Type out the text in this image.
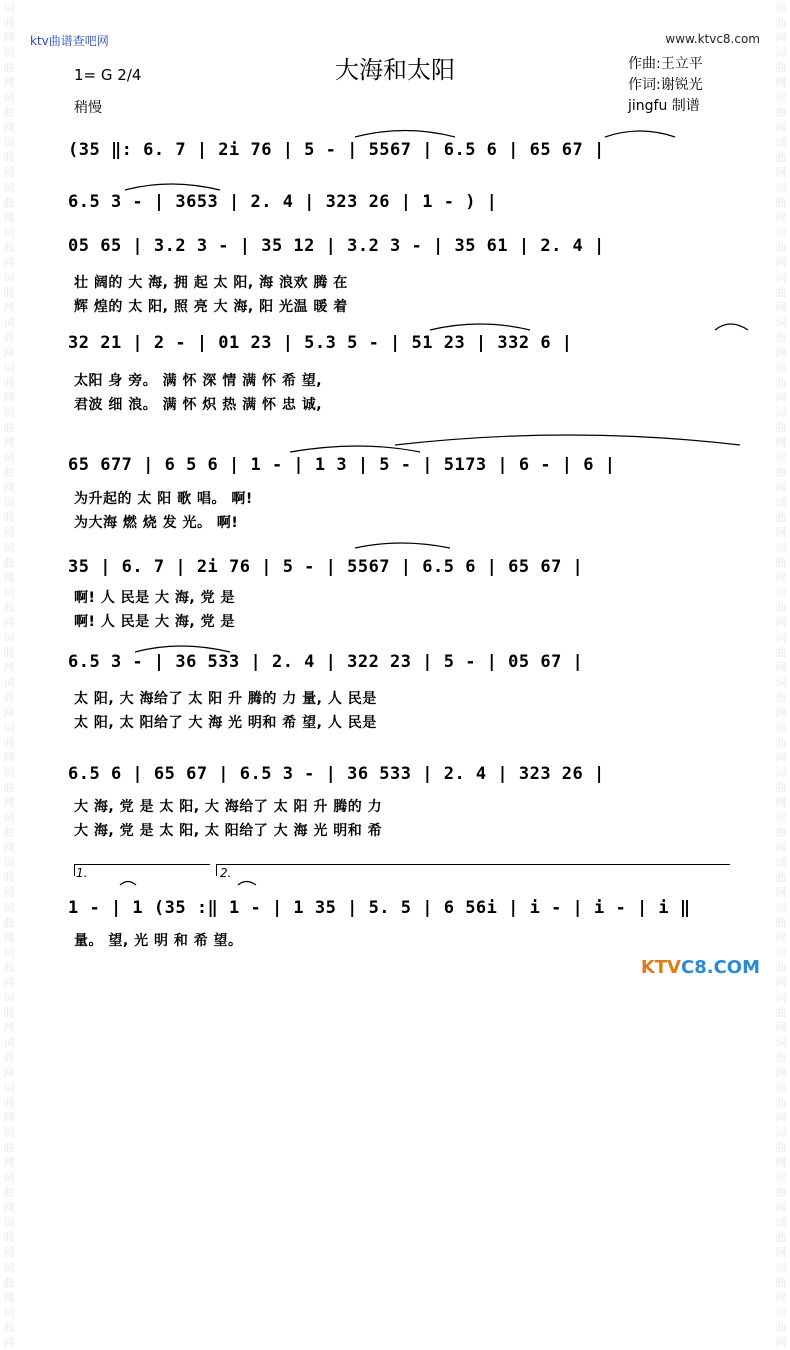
词曲网词曲网词曲网词曲网词曲网词曲网词曲网词曲网词曲网词曲网词曲网词曲网词曲网词曲网词曲网词曲网词曲网词曲网词曲网词曲网词曲网词曲网词曲网词曲网词曲网词曲网词曲网词曲网词曲网词曲网
词曲网词曲网词曲网词曲网词曲网词曲网词曲网词曲网词曲网词曲网词曲网词曲网词曲网词曲网词曲网词曲网词曲网词曲网词曲网词曲网词曲网词曲网词曲网词曲网词曲网词曲网词曲网词曲网词曲网词曲网
ktv曲谱查吧网	www.ktvc8.com
大海和太阳
1= G 2/4
稍慢
作曲:王立平
作词:谢锐光
jingfu 制谱
(35 ‖: 6. 7 | 2i 76 | 5 - | 5567 | 6.5 6 | 65 67 |
6.5 3 - | 3653 | 2. 4 | 323 26 | 1 - ) |
05 65 | 3.2 3 - | 35 12 | 3.2 3 - | 35 61 | 2. 4 |
壮 阔的 大 海, 拥 起 太 阳, 海 浪欢 腾 在
辉 煌的 太 阳, 照 亮 大 海, 阳 光温 暖 着
32 21 | 2 - | 01 23 | 5.3 5 - | 51 23 | 332 6 |
太阳 身 旁。 满 怀 深 情 满 怀 希 望,
君波 细 浪。 满 怀 炽 热 满 怀 忠 诚,
65 677 | 6 5 6 | 1 - | 1 3 | 5 - | 5173 | 6 - | 6 |
为升起的 太 阳 歌 唱。 啊!
为大海 燃 烧 发 光。 啊!
35 | 6. 7 | 2i 76 | 5 - | 5567 | 6.5 6 | 65 67 |
啊! 人 民是 大 海, 党 是
啊! 人 民是 大 海, 党 是
6.5 3 - | 36 533 | 2. 4 | 322 23 | 5 - | 05 67 |
太 阳, 大 海给了 太 阳 升 腾的 力 量, 人 民是
太 阳, 太 阳给了 大 海 光 明和 希 望, 人 民是
6.5 6 | 65 67 | 6.5 3 - | 36 533 | 2. 4 | 323 26 |
大 海, 党 是 太 阳, 大 海给了 太 阳 升 腾的 力
大 海, 党 是 太 阳, 太 阳给了 大 海 光 明和 希
1.	2.
1 - | 1 (35 :‖ 1 - | 1 35 | 5. 5 | 6 56i | i - | i - | i ‖
量。 望, 光 明 和 希 望。
KTVC8.COM
